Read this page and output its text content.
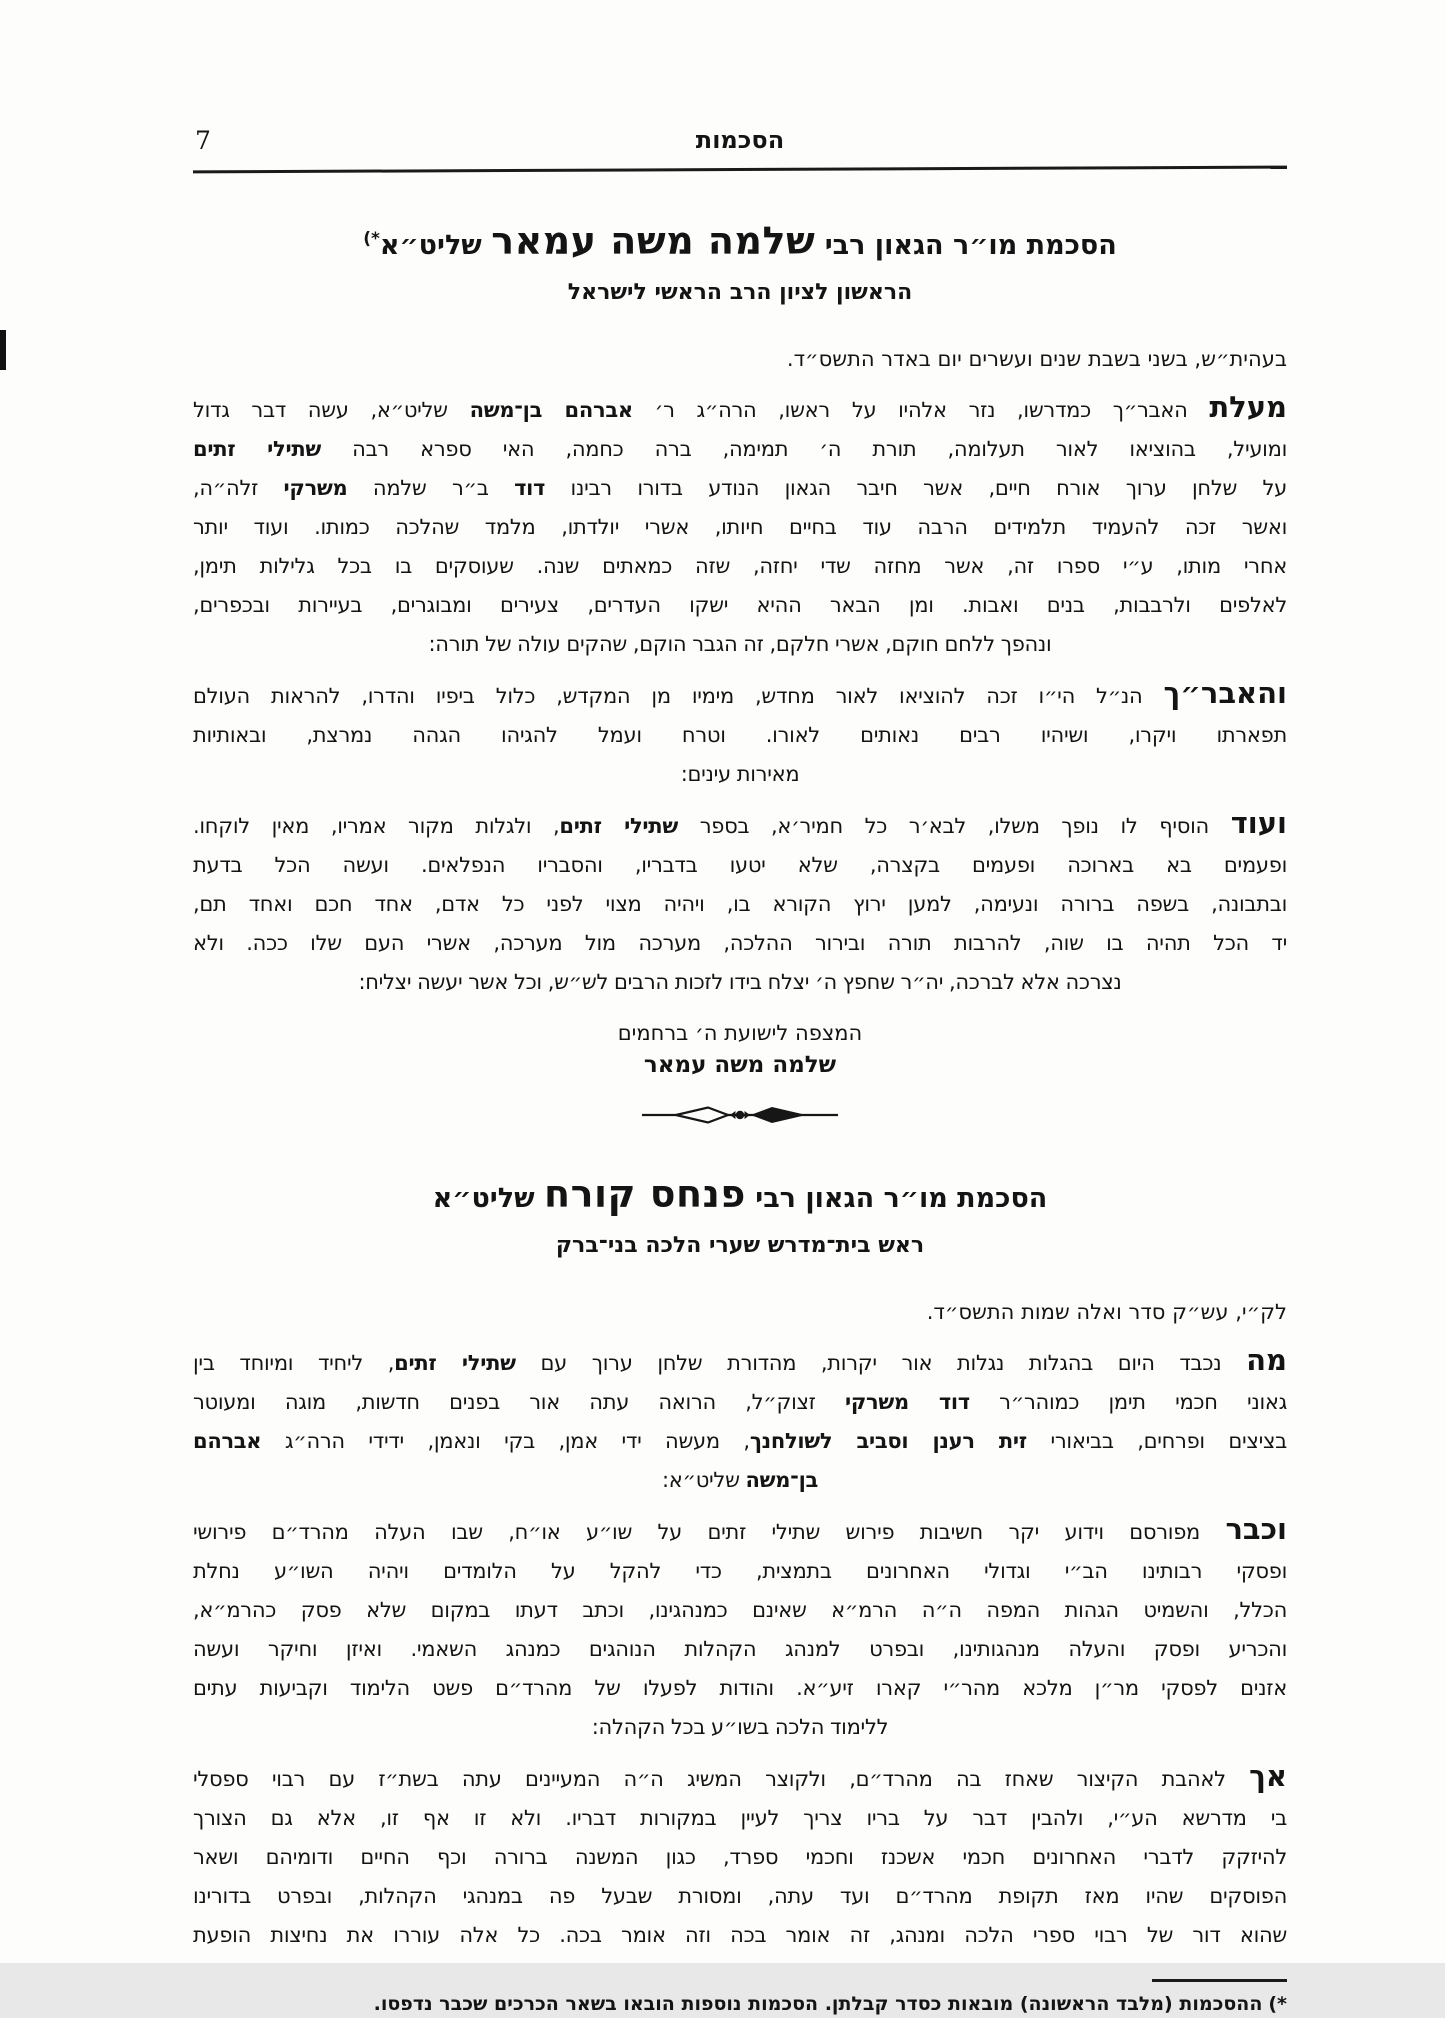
7	הסכמות
הסכמת מו״ר הגאון רבי שלמה משה עמאר שליט״א*)
הראשון לציון הרב הראשי לישראל
בעהית״ש, בשני בשבת שנים ועשרים יום באדר התשס״ד.
מעלת האבר״ך כמדרשו, נזר אלהיו על ראשו, הרה״ג ר׳ אברהם בן־משה שליט״א, עשה דבר גדול
ומועיל, בהוציאו לאור תעלומה, תורת ה׳ תמימה, ברה כחמה, האי ספרא רבה שתילי זתים
על שלחן ערוך אורח חיים, אשר חיבר הגאון הנודע בדורו רבינו דוד ב״ר שלמה משרקי זלה״ה,
ואשר זכה להעמיד תלמידים הרבה עוד בחיים חיותו, אשרי יולדתו, מלמד שהלכה כמותו. ועוד יותר
אחרי מותו, ע״י ספרו זה, אשר מחזה שדי יחזה, שזה כמאתים שנה. שעוסקים בו בכל גלילות תימן,
לאלפים ולרבבות, בנים ואבות. ומן הבאר ההיא ישקו העדרים, צעירים ומבוגרים, בעיירות ובכפרים,
ונהפך ללחם חוקם, אשרי חלקם, זה הגבר הוקם, שהקים עולה של תורה:
והאבר״ך הנ״ל הי״ו זכה להוציאו לאור מחדש, מימיו מן המקדש, כלול ביפיו והדרו, להראות העולם
תפארתו ויקרו, ושיהיו רבים נאותים לאורו. וטרח ועמל להגיהו הגהה נמרצת, ובאותיות
מאירות עינים:
ועוד הוסיף לו נופך משלו, לבא׳ר כל חמיר׳א, בספר שתילי זתים, ולגלות מקור אמריו, מאין לוקחו.
ופעמים בא בארוכה ופעמים בקצרה, שלא יטעו בדבריו, והסבריו הנפלאים. ועשה הכל בדעת
ובתבונה, בשפה ברורה ונעימה, למען ירוץ הקורא בו, ויהיה מצוי לפני כל אדם, אחד חכם ואחד תם,
יד הכל תהיה בו שוה, להרבות תורה ובירור ההלכה, מערכה מול מערכה, אשרי העם שלו ככה. ולא
נצרכה אלא לברכה, יה״ר שחפץ ה׳ יצלח בידו לזכות הרבים לש״ש, וכל אשר יעשה יצליח:
המצפה לישועת ה׳ ברחמים
שלמה משה עמאר
הסכמת מו״ר הגאון רבי פנחס קורח שליט״א
ראש בית־מדרש שערי הלכה בני־ברק
לק״י, עש״ק סדר ואלה שמות התשס״ד.
מה נכבד היום בהגלות נגלות אור יקרות, מהדורת שלחן ערוך עם שתילי זתים, ליחיד ומיוחד בין
גאוני חכמי תימן כמוהר״ר דוד משרקי זצוק״ל, הרואה עתה אור בפנים חדשות, מוגה ומעוטר
בציצים ופרחים, בביאורי זית רענן וסביב לשולחנך, מעשה ידי אמן, בקי ונאמן, ידידי הרה״ג אברהם
בן־משה שליט״א:
וכבר מפורסם וידוע יקר חשיבות פירוש שתילי זתים על שו״ע או״ח, שבו העלה מהרד״ם פירושי
ופסקי רבותינו הב״י וגדולי האחרונים בתמצית, כדי להקל על הלומדים ויהיה השו״ע נחלת
הכלל, והשמיט הגהות המפה ה״ה הרמ״א שאינם כמנהגינו, וכתב דעתו במקום שלא פסק כהרמ״א,
והכריע ופסק והעלה מנהגותינו, ובפרט למנהג הקהלות הנוהגים כמנהג השאמי. ואיזן וחיקר ועשה
אזנים לפסקי מר״ן מלכא מהר״י קארו זיע״א. והודות לפעלו של מהרד״ם פשט הלימוד וקביעות עתים
ללימוד הלכה בשו״ע בכל הקהלה:
אך לאהבת הקיצור שאחז בה מהרד״ם, ולקוצר המשיג ה״ה המעיינים עתה בשת״ז עם רבוי ספסלי
בי מדרשא הע״י, ולהבין דבר על בריו צריך לעיין במקורות דבריו. ולא זו אף זו, אלא גם הצורך
להיזקק לדברי האחרונים חכמי אשכנז וחכמי ספרד, כגון המשנה ברורה וכף החיים ודומיהם ושאר
הפוסקים שהיו מאז תקופת מהרד״ם ועד עתה, ומסורת שבעל פה במנהגי הקהלות, ובפרט בדורינו
שהוא דור של רבוי ספרי הלכה ומנהג, זה אומר בכה וזה אומר בכה. כל אלה עוררו את נחיצות הופעת
*)ההסכמות (מלבד הראשונה) מובאות כסדר קבלתן. הסכמות נוספות הובאו בשאר הכרכים שכבר נדפסו.
